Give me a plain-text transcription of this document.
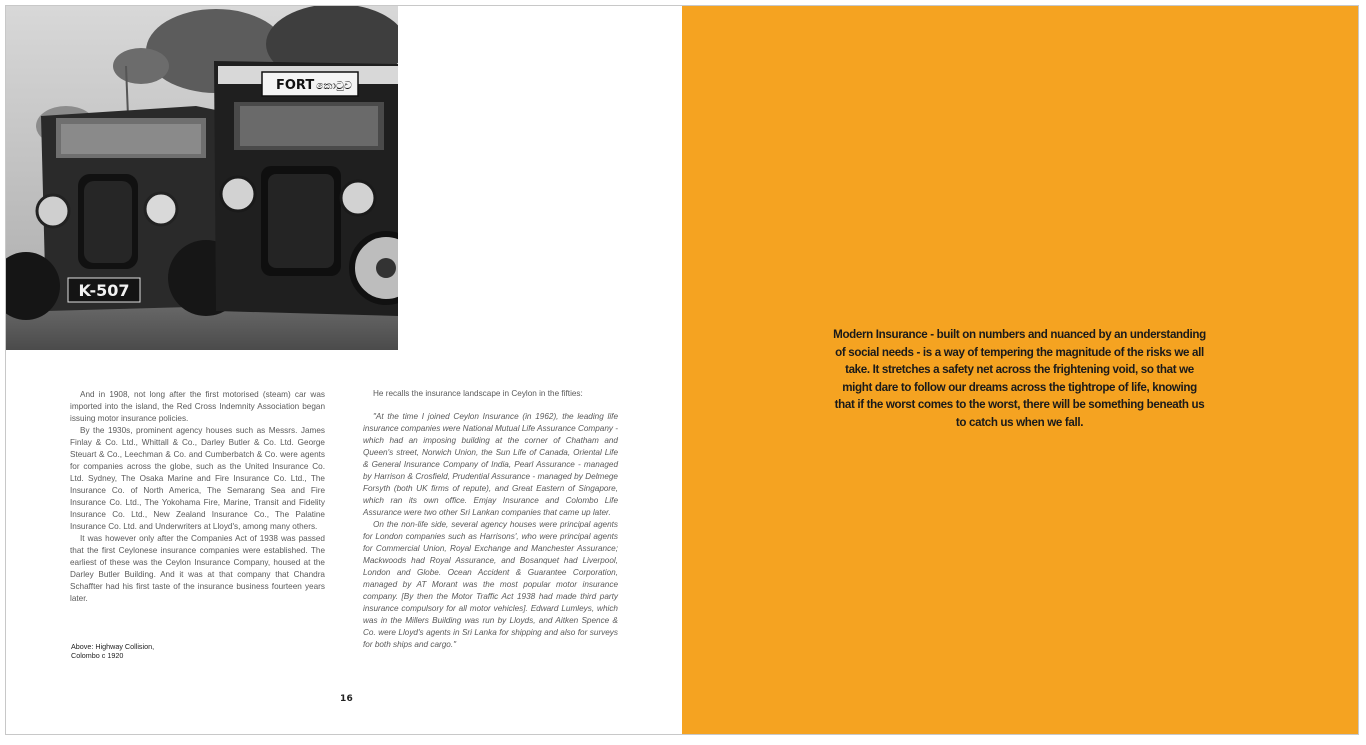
K-507
FORT කොටුව

And in 1908, not long after the first motorised (steam) car was imported into the island, the Red Cross Indemnity Association began issuing motor insurance policies.

By the 1930s, prominent agency houses such as Messrs. James Finlay & Co. Ltd., Whittall & Co., Darley Butler & Co. Ltd. George Steuart & Co., Leechman & Co. and Cumberbatch & Co. were agents for companies across the globe, such as the United Insurance Co. Ltd. Sydney, The Osaka Marine and Fire Insurance Co. Ltd., The Insurance Co. of North America, The Semarang Sea and Fire Insurance Co. Ltd., The Yokohama Fire, Marine, Transit and Fidelity Insurance Co. Ltd., New Zealand Insurance Co., The Palatine Insurance Co. Ltd. and Underwriters at Lloyd's, among many others.

It was however only after the Companies Act of 1938 was passed that the first Ceylonese insurance companies were established. The earliest of these was the Ceylon Insurance Company, housed at the Darley Butler Building. And it was at that company that Chandra Schaffter had his first taste of the insurance business fourteen years later.

He recalls the insurance landscape in Ceylon in the fifties:

"At the time I joined Ceylon Insurance (in 1962), the leading life insurance companies were National Mutual Life Assurance Company - which had an imposing building at the corner of Chatham and Queen's street, Norwich Union, the Sun Life of Canada, Oriental Life & General Insurance Company of India, Pearl Assurance - managed by Harrison & Crosfield, Prudential Assurance - managed by Delmege Forsyth (both UK firms of repute), and Great Eastern of Singapore, which ran its own office. Emjay Insurance and Colombo Life Assurance were two other Sri Lankan companies that came up later.

On the non-life side, several agency houses were principal agents for London companies such as Harrisons', who were principal agents for Commercial Union, Royal Exchange and Manchester Assurance; Mackwoods had Royal Assurance, and Bosanquet had Liverpool, London and Globe. Ocean Accident & Guarantee Corporation, managed by AT Morant was the most popular motor insurance company. [By then the Motor Traffic Act 1938 had made third party insurance compulsory for all motor vehicles]. Edward Lumleys, which was in the Millers Building was run by Lloyds, and Aitken Spence & Co. were Lloyd's agents in Sri Lanka for shipping and also for surveys for both ships and cargo."

Above: Highway Collision,
Colombo c 1920
16
Modern Insurance - built on numbers and nuanced by an understanding of social needs - is a way of tempering the magnitude of the risks we all take. It stretches a safety net across the frightening void, so that we might dare to follow our dreams across the tightrope of life, knowing that if the worst comes to the worst, there will be something beneath us to catch us when we fall.
